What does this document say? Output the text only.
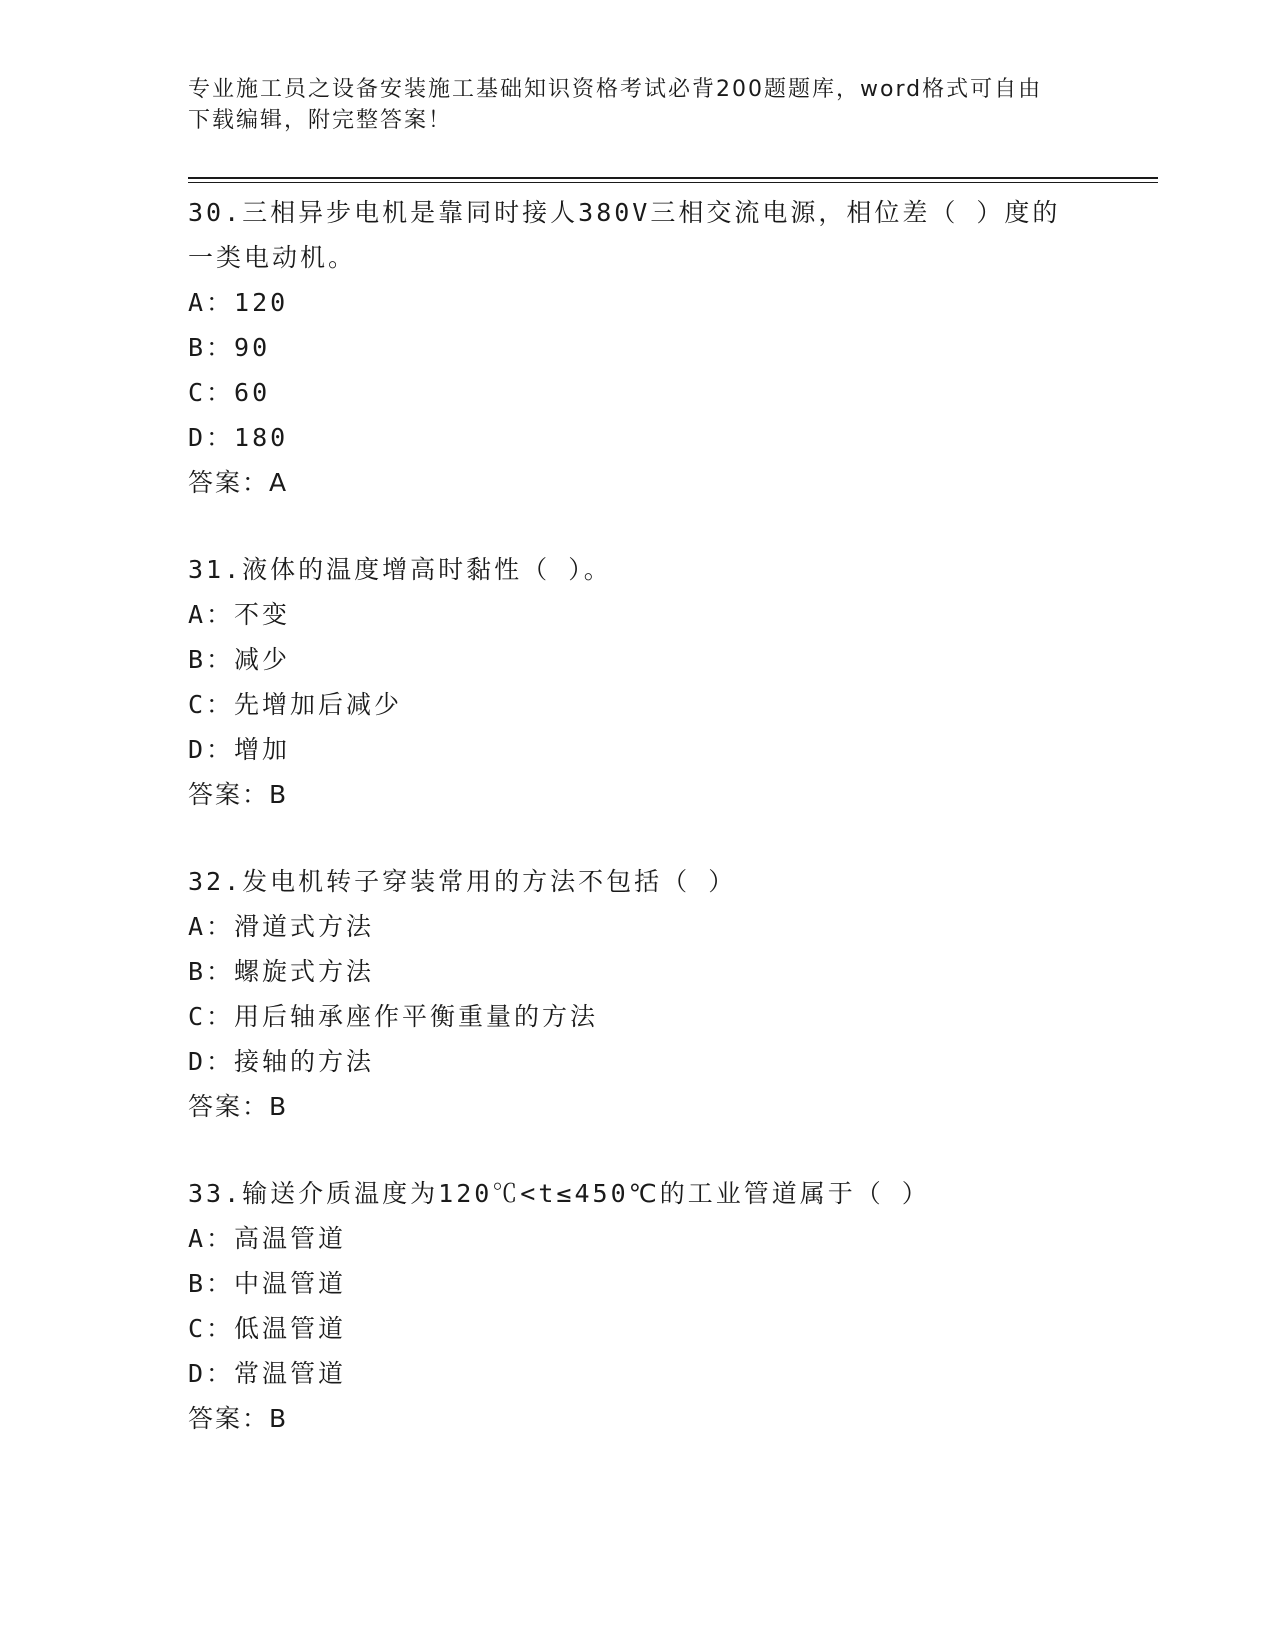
专业施工员之设备安装施工基础知识资格考试必背200题题库，word格式可自由
下载编辑，附完整答案！

30.三相异步电机是靠同时接人380V三相交流电源，相位差（ ）度的

一类电动机。

A：120

B：90

C：60

D：180

答案：A

31.液体的温度增高时黏性（ ）。

A：不变

B：减少

C：先增加后减少

D：增加

答案：B

32.发电机转子穿装常用的方法不包括（ ）

A：滑道式方法

B：螺旋式方法

C：用后轴承座作平衡重量的方法

D：接轴的方法

答案：B

33.输送介质温度为120℃<t≤450℃的工业管道属于（ ）

A：高温管道

B：中温管道

C：低温管道

D：常温管道

答案：B
